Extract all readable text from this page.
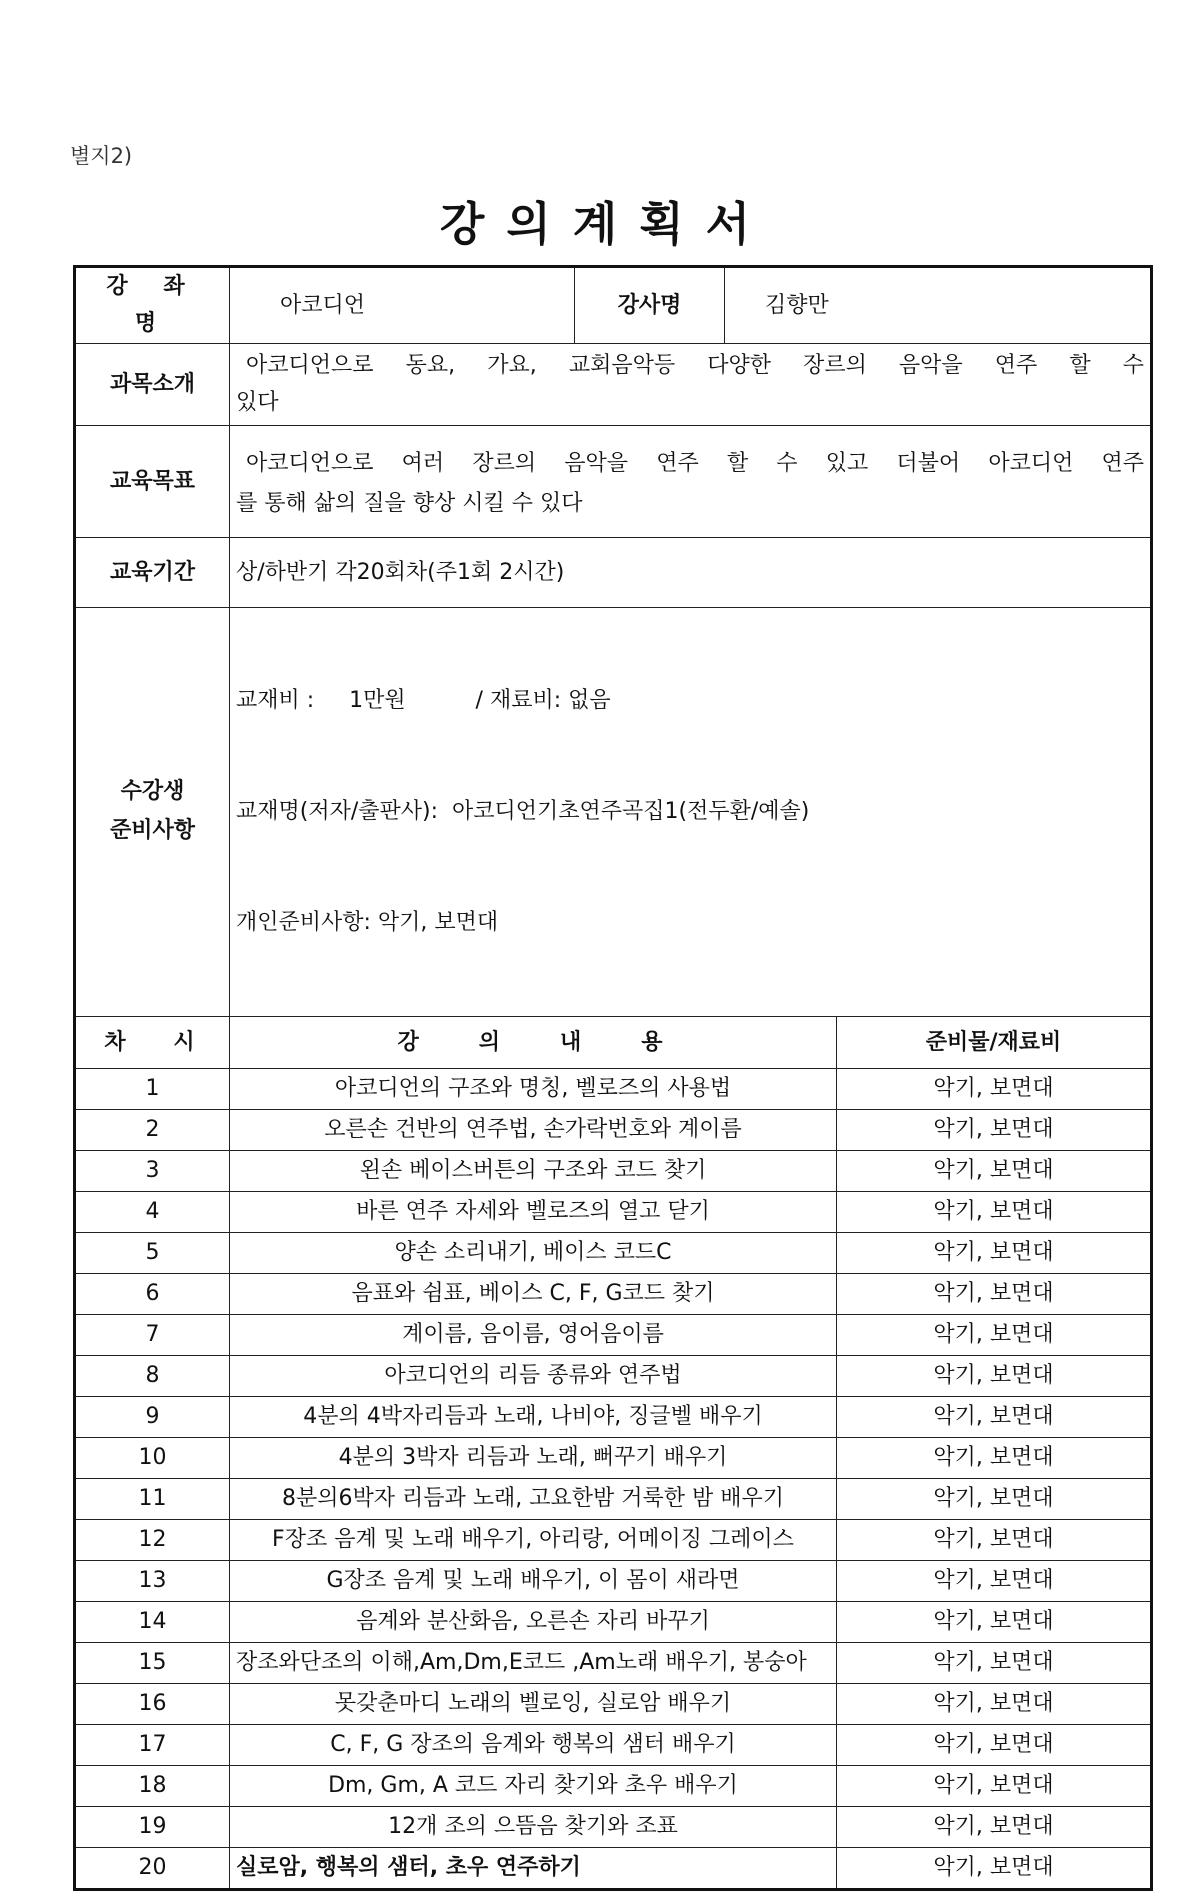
별지2)
강의계획서
강 좌 명	아코디언	강사명	김향만	
과목소개	아코디언으로 동요, 가요, 교회음악등 다양한 장르의 음악을 연주 할 수
있다			

교육목표	아코디언으로 여러 장르의 음악을 연주 할 수 있고 더불어 아코디언 연주
를 통해 삶의 질을 향상 시킬 수 있다			

교육기간	상/하반기 각20회차(주1회 2시간)			

수강생
준비사항	교재비 :     1만원          / 재료비: 없음

교재명(저자/출판사):  아코디언기초연주곡집1(전두환/예솔)

개인준비사항: 악기, 보면대			

차 시	강의내용			준비물/재료비
1	아코디언의 구조와 명칭, 벨로즈의 사용법			악기, 보면대
2	오른손 건반의 연주법, 손가락번호와 계이름			악기, 보면대
3	왼손 베이스버튼의 구조와 코드 찾기			악기, 보면대
4	바른 연주 자세와 벨로즈의 열고 닫기			악기, 보면대
5	양손 소리내기, 베이스 코드C			악기, 보면대
6	음표와 쉼표, 베이스 C, F, G코드 찾기			악기, 보면대
7	계이름, 음이름, 영어음이름			악기, 보면대
8	아코디언의 리듬 종류와 연주법			악기, 보면대
9	4분의 4박자리듬과 노래, 나비야, 징글벨 배우기			악기, 보면대
10	4분의 3박자 리듬과 노래, 뻐꾸기 배우기			악기, 보면대
11	8분의6박자 리듬과 노래, 고요한밤 거룩한 밤 배우기			악기, 보면대
12	F장조 음계 및 노래 배우기, 아리랑, 어메이징 그레이스			악기, 보면대
13	G장조 음계 및 노래 배우기, 이 몸이 새라면			악기, 보면대
14	음계와 분산화음, 오른손 자리 바꾸기			악기, 보면대
15	장조와단조의 이해,Am,Dm,E코드 ,Am노래 배우기, 봉숭아			악기, 보면대
16	못갖춘마디 노래의 벨로잉, 실로암 배우기			악기, 보면대
17	C, F, G 장조의 음계와 행복의 샘터 배우기			악기, 보면대
18	Dm, Gm, A 코드 자리 찾기와 초우 배우기			악기, 보면대
19	12개 조의 으뜸음 찾기와 조표			악기, 보면대
20	실로암, 행복의 샘터, 초우 연주하기			악기, 보면대
